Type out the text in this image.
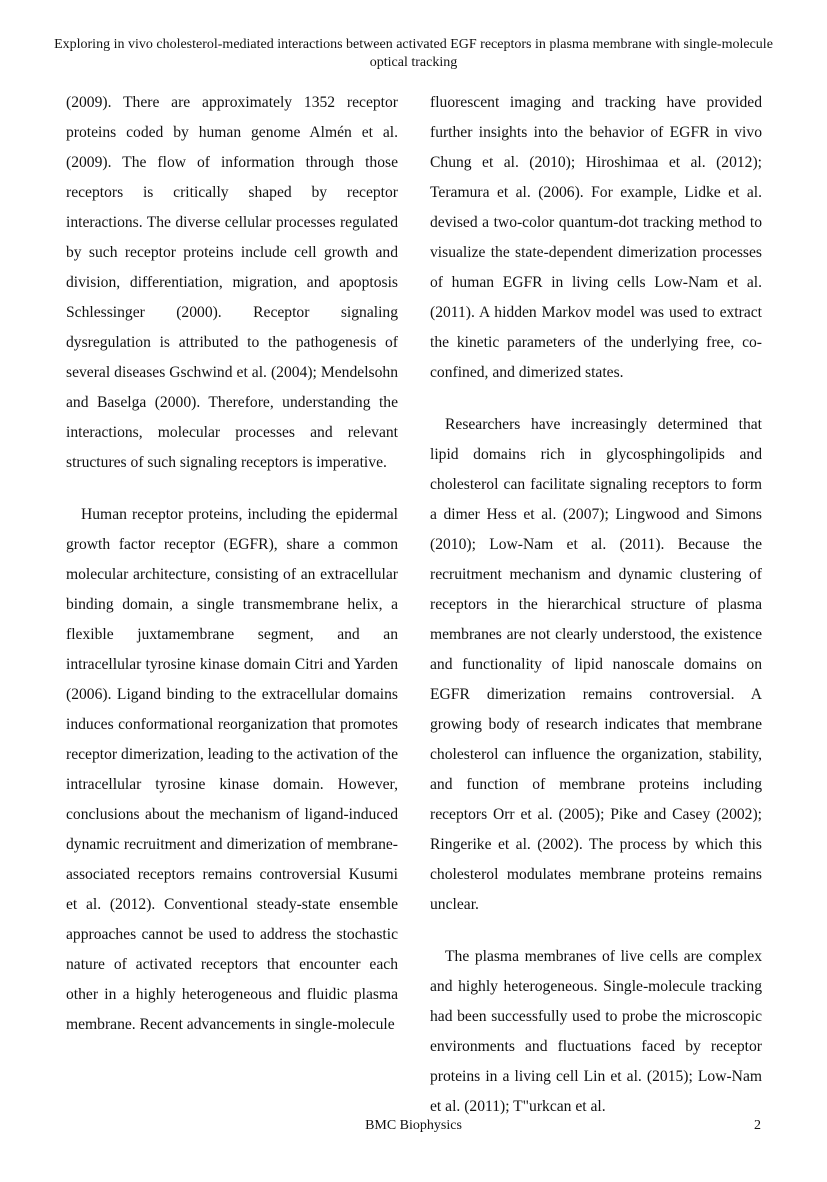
Exploring in vivo cholesterol-mediated interactions between activated EGF receptors in plasma membrane with single-molecule optical tracking

(2009). There are approximately 1352 receptor proteins coded by human genome Almén et al. (2009). The flow of information through those receptors is critically shaped by receptor interactions. The diverse cellular processes regulated by such receptor proteins include cell growth and division, differentiation, migration, and apoptosis Schlessinger (2000). Receptor signaling dysregulation is attributed to the pathogenesis of several diseases Gschwind et al. (2004); Mendelsohn and Baselga (2000). Therefore, understanding the interactions, molecular processes and relevant structures of such signaling receptors is imperative.

Human receptor proteins, including the epidermal growth factor receptor (EGFR), share a common molecular architecture, consisting of an extracellular binding domain, a single transmembrane helix, a flexible juxtamembrane segment, and an intracellular tyrosine kinase domain Citri and Yarden (2006). Ligand binding to the extracellular domains induces conformational reorganization that promotes receptor dimerization, leading to the activation of the intracellular tyrosine kinase domain. However, conclusions about the mechanism of ligand-induced dynamic recruitment and dimerization of membrane-associated receptors remains controversial Kusumi et al. (2012). Conventional steady-state ensemble approaches cannot be used to address the stochastic nature of activated receptors that encounter each other in a highly heterogeneous and fluidic plasma membrane. Recent advancements in single-molecule

fluorescent imaging and tracking have provided further insights into the behavior of EGFR in vivo Chung et al. (2010); Hiroshimaa et al. (2012); Teramura et al. (2006). For example, Lidke et al. devised a two-color quantum-dot tracking method to visualize the state-dependent dimerization processes of human EGFR in living cells Low-Nam et al. (2011). A hidden Markov model was used to extract the kinetic parameters of the underlying free, co-confined, and dimerized states.

Researchers have increasingly determined that lipid domains rich in glycosphingolipids and cholesterol can facilitate signaling receptors to form a dimer Hess et al. (2007); Lingwood and Simons (2010); Low-Nam et al. (2011). Because the recruitment mechanism and dynamic clustering of receptors in the hierarchical structure of plasma membranes are not clearly understood, the existence and functionality of lipid nanoscale domains on EGFR dimerization remains controversial. A growing body of research indicates that membrane cholesterol can influence the organization, stability, and function of membrane proteins including receptors Orr et al. (2005); Pike and Casey (2002); Ringerike et al. (2002). The process by which this cholesterol modulates membrane proteins remains unclear.

The plasma membranes of live cells are complex and highly heterogeneous. Single-molecule tracking had been successfully used to probe the microscopic environments and fluctuations faced by receptor proteins in a living cell Lin et al. (2015); Low-Nam et al. (2011); T"urkcan et al.

BMC Biophysics	2
